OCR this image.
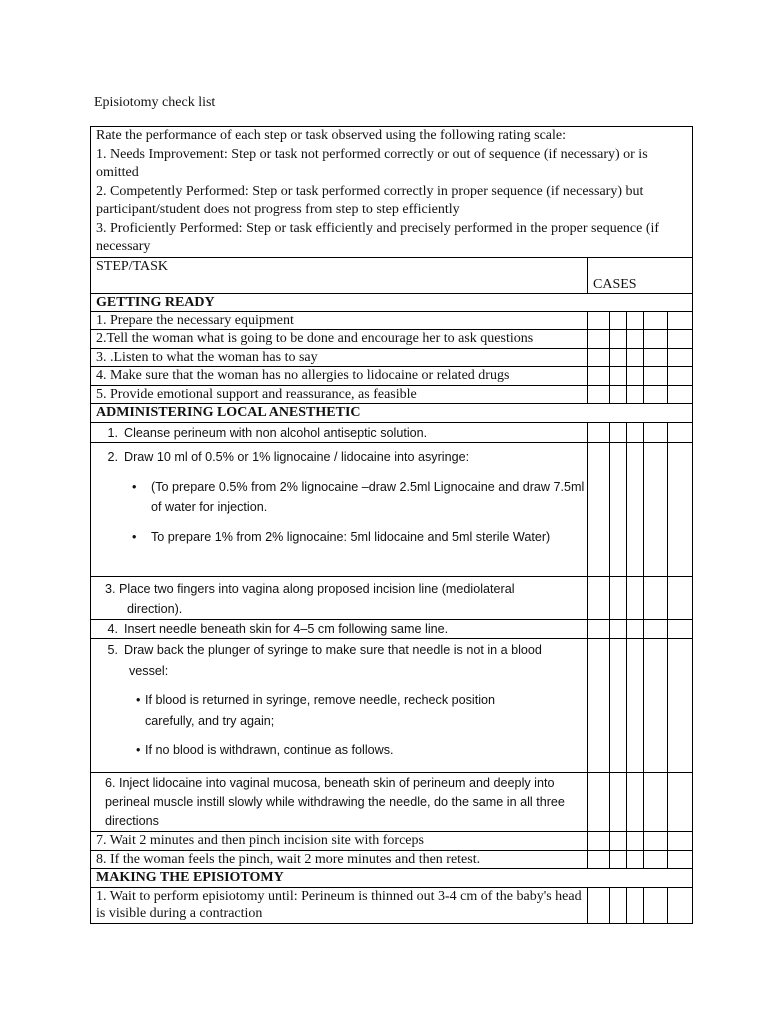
Episiotomy check list

Rate the performance of each step or task observed using the following rating scale:

1. Needs Improvement: Step or task not performed correctly or out of sequence (if necessary) or is omitted

2. Competently Performed: Step or task performed correctly in proper sequence (if necessary) but participant/student does not progress from step to step efficiently

3. Proficiently Performed: Step or task efficiently and precisely performed in the proper sequence (if necessary					

STEP/TASK	CASES				
GETTING READY					
1. Prepare the necessary equipment					
2.Tell the woman what is going to be done and encourage her to ask questions					
3. .Listen to what the woman has to say					
4. Make sure that the woman has no allergies to lidocaine or related drugs					
5. Provide emotional support and reassurance, as feasible					
ADMINISTERING LOCAL ANESTHETIC					
1. Cleanse perineum with non alcohol antiseptic solution.					

2. Draw 10 ml of 0.5% or 1% lignocaine / lidocaine into asyringe:
• (To prepare 0.5% from 2% lignocaine –draw 2.5ml Lignocaine and draw 7.5ml of water for injection.
• To prepare 1% from 2% lignocaine: 5ml lidocaine and 5ml sterile Water)					

3. Place two fingers into vagina along proposed incision line (mediolateral direction).					

4. Insert needle beneath skin for 4–5 cm following same line.					

5. Draw back the plunger of syringe to make sure that needle is not in a blood vessel:
• If blood is returned in syringe, remove needle, recheck position carefully, and try again;
• If no blood is withdrawn, continue as follows.					

6. Inject lidocaine into vaginal mucosa, beneath skin of perineum and deeply into perineal muscle instill slowly while withdrawing the needle, do the same in all three directions					

7. Wait 2 minutes and then pinch incision site with forceps					
8. If the woman feels the pinch, wait 2 more minutes and then retest.					
MAKING THE EPISIOTOMY					
1. Wait to perform episiotomy until: Perineum is thinned out 3-4 cm of the baby's head is visible during a contraction					
